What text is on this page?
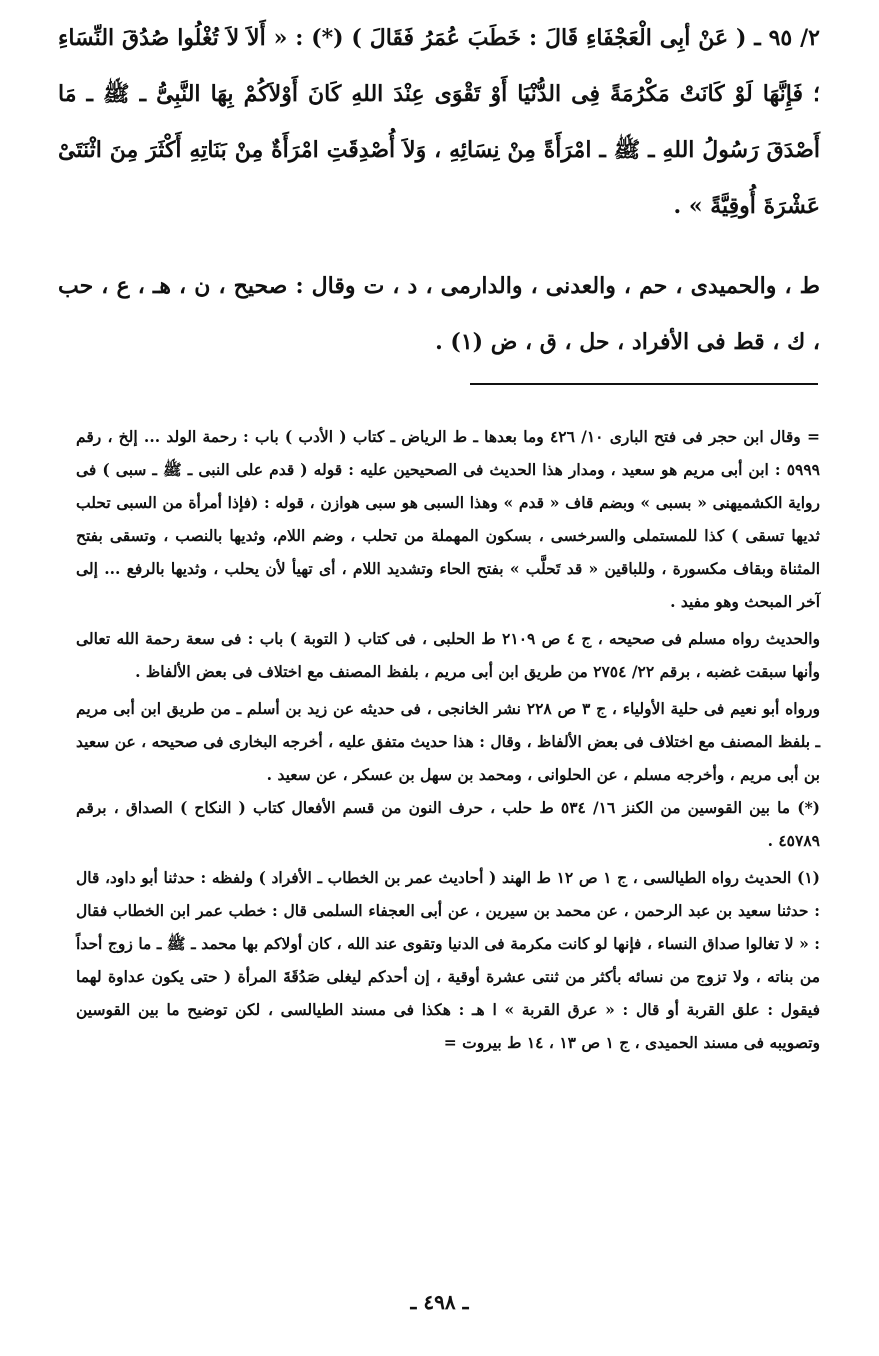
٢/ ٩٥ ـ ( عَنْ أبِى الْعَجْفَاءِ قَالَ : خَطَبَ عُمَرُ فَقَالَ ) (*) : « أَلاَ لاَ تُغْلُوا صُدُقَ النِّسَاءِ ؛ فَإِنَّهَا لَوْ كَانَتْ مَكْرُمَةً فِى الدُّنْيَا أَوْ تَقْوَى عِنْدَ اللهِ كَانَ أَوْلاَكُمْ بِهَا النَّبِىُّ ـ ﷺ ـ مَا أَصْدَقَ رَسُولُ اللهِ ـ ﷺ ـ امْرَأَةً مِنْ نِسَائِهِ ، وَلاَ أُصْدِقَتِ امْرَأَةٌ مِنْ بَنَاتِهِ أَكْثَرَ مِنَ اثْنَتَىْ عَشْرَةَ أُوقِيَّةً » .
ط ، والحميدى ، حم ، والعدنى ، والدارمى ، د ، ت وقال : صحيح ، ن ، هـ ، ع ، حب ، ك ، قط فى الأفراد ، حل ، ق ، ض (١) .

= وقال ابن حجر فى فتح البارى ١٠/ ٤٢٦ وما بعدها ـ ط الرياض ـ كتاب ( الأدب ) باب : رحمة الولد ... إلخ ، رقم ٥٩٩٩ : ابن أبى مريم هو سعيد ، ومدار هذا الحديث فى الصحيحين عليه : قوله ( قدم على النبى ـ ﷺ ـ سبى ) فى رواية الكشميهنى « بسبى » وبضم قاف « قدم » وهذا السبى هو سبى هوازن ، قوله : (فإذا أمرأة من السبى تحلب ثديها تسقى ) كذا للمستملى والسرخسى ، بسكون المهملة من تحلب ، وضم اللام، وثديها بالنصب ، وتسقى بفتح المثناة وبقاف مكسورة ، وللباقين « قد تَحلَّب » بفتح الحاء وتشديد اللام ، أى تهيأ لأن يحلب ، وثديها بالرفع ... إلى آخر المبحث وهو مفيد .

والحديث رواه مسلم فى صحيحه ، ج ٤ ص ٢١٠٩ ط الحلبى ، فى كتاب ( التوبة ) باب : فى سعة رحمة الله تعالى وأنها سبقت غضبه ، برقم ٢٢/ ٢٧٥٤ من طريق ابن أبى مريم ، بلفظ المصنف مع اختلاف فى بعض الألفاظ .

ورواه أبو نعيم فى حلية الأولياء ، ج ٣ ص ٢٢٨ نشر الخانجى ، فى حديثه عن زيد بن أسلم ـ من طريق ابن أبى مريم ـ بلفظ المصنف مع اختلاف فى بعض الألفاظ ، وقال : هذا حديث متفق عليه ، أخرجه البخارى فى صحيحه ، عن سعيد بن أبى مريم ، وأخرجه مسلم ، عن الحلوانى ، ومحمد بن سهل بن عسكر ، عن سعيد .

(*) ما بين القوسين من الكنز ١٦/ ٥٣٤ ط حلب ، حرف النون من قسم الأفعال كتاب ( النكاح ) الصداق ، برقم ٤٥٧٨٩ .

(١) الحديث رواه الطيالسى ، ج ١ ص ١٢ ط الهند ( أحاديث عمر بن الخطاب ـ الأفراد ) ولفظه : حدثنا أبو داود، قال : حدثنا سعيد بن عبد الرحمن ، عن محمد بن سيرين ، عن أبى العجفاء السلمى قال : خطب عمر ابن الخطاب فقال : « لا تغالوا صداق النساء ، فإنها لو كانت مكرمة فى الدنيا وتقوى عند الله ، كان أولاكم بها محمد ـ ﷺ ـ ما زوج أحداً من بناته ، ولا تزوج من نسائه بأكثر من ثنتى عشرة أوقية ، إن أحدكم ليغلى صَدُقَةَ المرأة ( حتى يكون عداوة لهما فيقول : علق القربة أو قال : « عرق القربة » ا هـ : هكذا فى مسند الطيالسى ، لكن توضيح ما بين القوسين وتصويبه فى مسند الحميدى ، ج ١ ص ١٣ ، ١٤ ط بيروت =

ـ ٤٩٨ ـ
